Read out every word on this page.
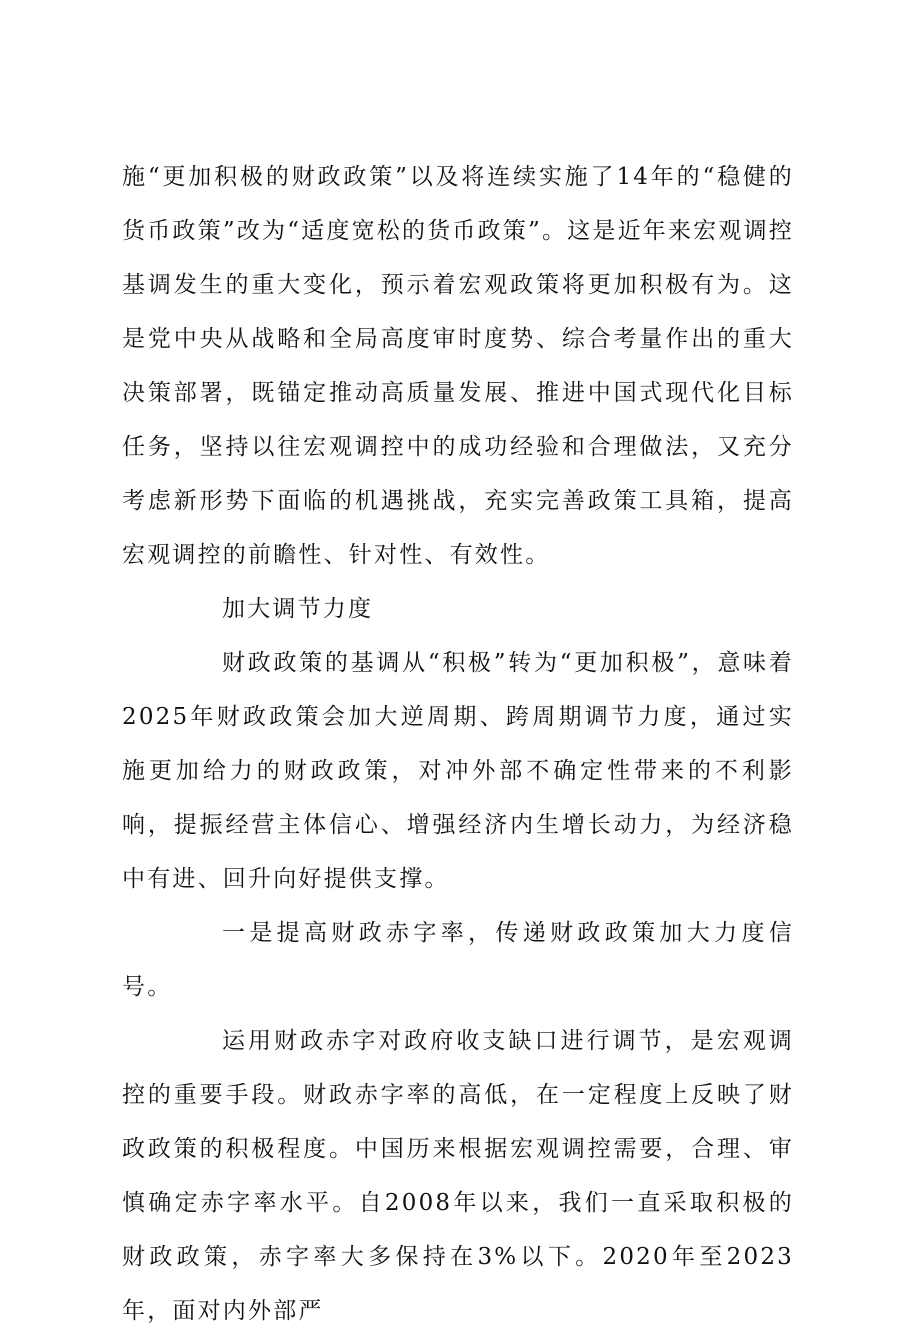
施“更加积极的财政政策”以及将连续实施了14年的“稳健的货币政策”改为“适度宽松的货币政策”。这是近年来宏观调控基调发生的重大变化，预示着宏观政策将更加积极有为。这是党中央从战略和全局高度审时度势、综合考量作出的重大决策部署，既锚定推动高质量发展、推进中国式现代化目标任务，坚持以往宏观调控中的成功经验和合理做法，又充分考虑新形势下面临的机遇挑战，充实完善政策工具箱，提高宏观调控的前瞻性、针对性、有效性。

加大调节力度

财政政策的基调从“积极”转为“更加积极”，意味着2025年财政政策会加大逆周期、跨周期调节力度，通过实施更加给力的财政政策，对冲外部不确定性带来的不利影响，提振经营主体信心、增强经济内生增长动力，为经济稳中有进、回升向好提供支撑。

一是提高财政赤字率，传递财政政策加大力度信号。

运用财政赤字对政府收支缺口进行调节，是宏观调控的重要手段。财政赤字率的高低，在一定程度上反映了财政政策的积极程度。中国历来根据宏观调控需要，合理、审慎确定赤字率水平。自2008年以来，我们一直采取积极的财政政策，赤字率大多保持在3%以下。2020年至2023年，面对内外部严
